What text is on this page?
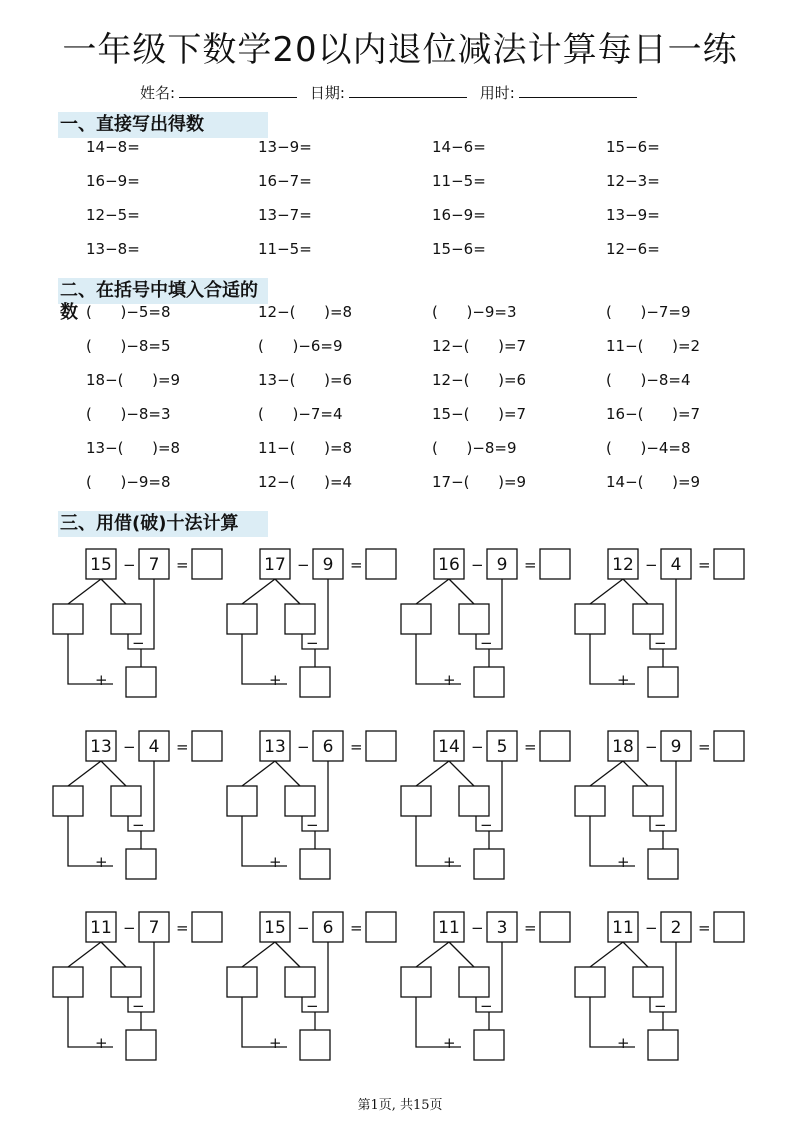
一年级下数学20以内退位减法计算每日一练
姓名:	日期:	用时:
一、直接写出得数
14−8=	13−9=	14−6=	15−6=
16−9=	16−7=	11−5=	12−3=
12−5=	13−7=	16−9=	13−9=
13−8=	11−5=	15−6=	12−6=
二、在括号中填入合适的数 (      )−5=8	12−(      )=8	(      )−9=3	(      )−7=9
(      )−8=5	(      )−6=9	12−(      )=7	11−(      )=2
18−(      )=9	13−(      )=6	12−(      )=6	(      )−8=4
(      )−8=3	(      )−7=4	15−(      )=7	16−(      )=7
13−(      )=8	11−(      )=8	(      )−8=9	(      )−4=8
(      )−9=8	12−(      )=4	17−(      )=9	14−(      )=9
三、用借(破)十法计算
15	7
−	=
+
−
17	9
−	=
+
−
16	9
−	=
+
−
12	4
−	=
+
−
13	4
−	=
+
−
13	6
−	=
+
−
14	5
−	=
+
−
18	9
−	=
+
−
11	7
−	=
+
−
15	6
−	=
+
−
11	3
−	=
+
−
11	2
−	=
+
−
第1页, 共15页
